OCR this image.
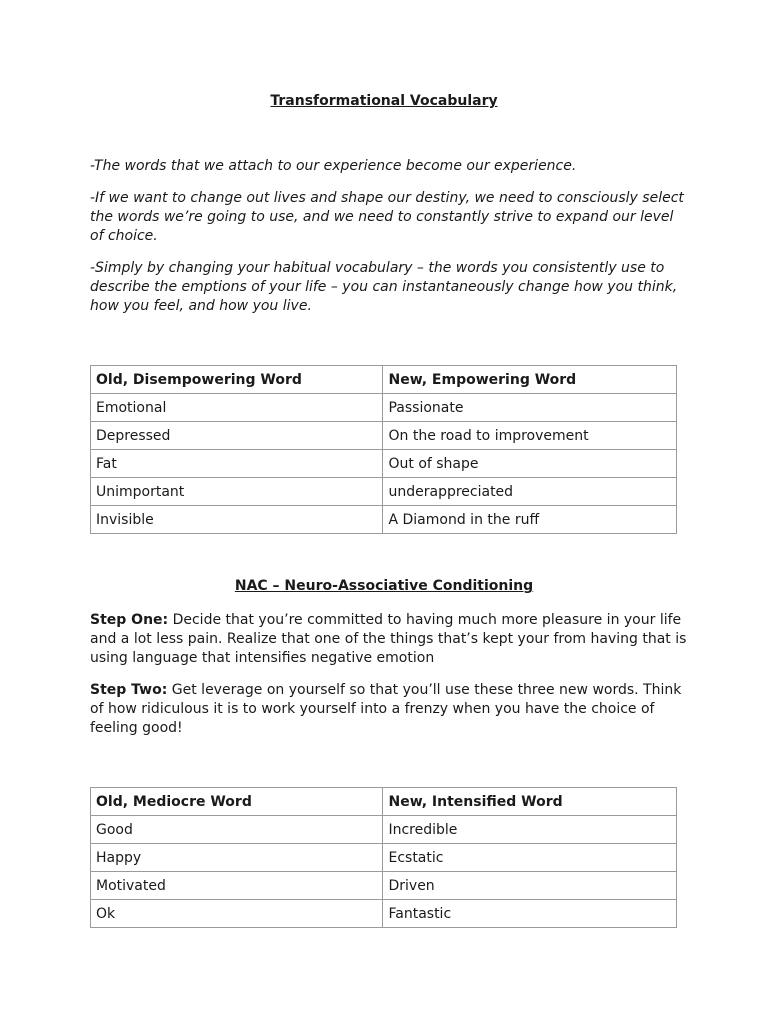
Transformational Vocabulary
-The words that we attach to our experience become our experience.
-If we want to change out lives and shape our destiny, we need to consciously select the words we’re going to use, and we need to constantly strive to expand our level of choice.
-Simply by changing your habitual vocabulary – the words you consistently use to describe the emptions of your life – you can instantaneously change how you think, how you feel, and how you live.
Old, Disempowering Word	New, Empowering Word
Emotional	Passionate
Depressed	On the road to improvement
Fat	Out of shape
Unimportant	underappreciated
Invisible	A Diamond in the ruff
NAC – Neuro-Associative Conditioning
Step One: Decide that you’re committed to having much more pleasure in your life and a lot less pain. Realize that one of the things that’s kept your from having that is using language that intensifies negative emotion
Step Two: Get leverage on yourself so that you’ll use these three new words. Think of how ridiculous it is to work yourself into a frenzy when you have the choice of feeling good!
Old, Mediocre Word	New, Intensified Word
Good	Incredible
Happy	Ecstatic
Motivated	Driven
Ok	Fantastic
